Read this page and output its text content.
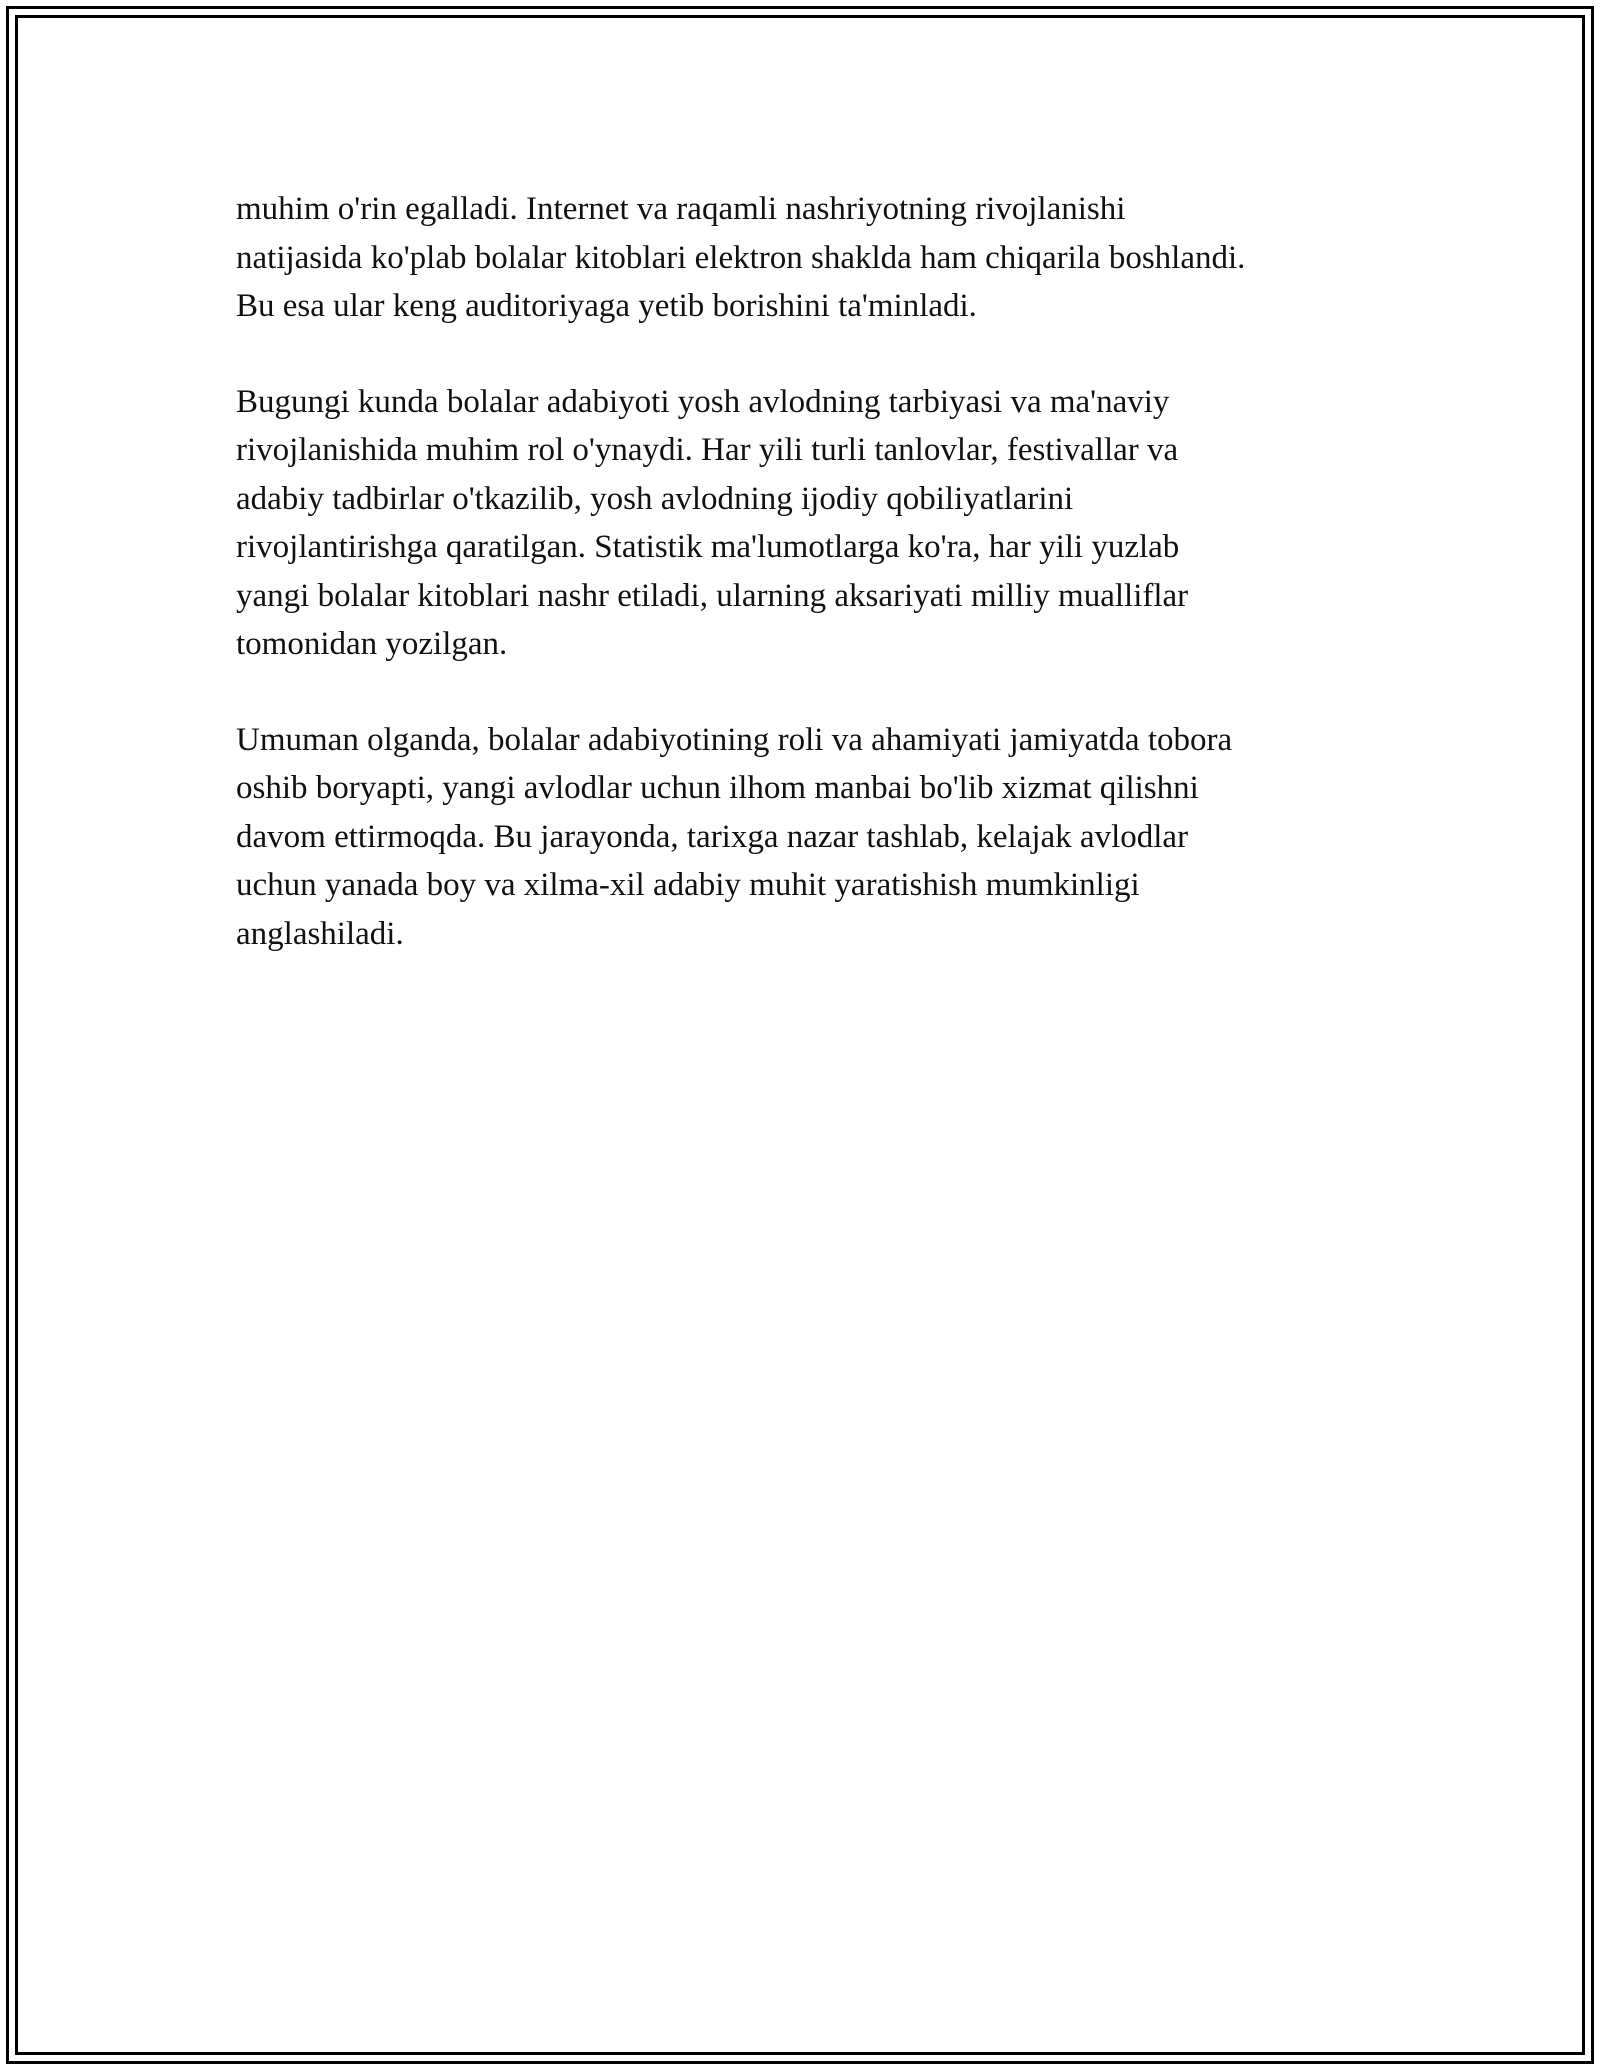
muhim o'rin egalladi. Internet va raqamli nashriyotning rivojlanishi
natijasida ko'plab bolalar kitoblari elektron shaklda ham chiqarila boshlandi.
Bu esa ular keng auditoriyaga yetib borishini ta'minladi.

Bugungi kunda bolalar adabiyoti yosh avlodning tarbiyasi va ma'naviy
rivojlanishida muhim rol o'ynaydi. Har yili turli tanlovlar, festivallar va
adabiy tadbirlar o'tkazilib, yosh avlodning ijodiy qobiliyatlarini
rivojlantirishga qaratilgan. Statistik ma'lumotlarga ko'ra, har yili yuzlab
yangi bolalar kitoblari nashr etiladi, ularning aksariyati milliy mualliflar
tomonidan yozilgan.

Umuman olganda, bolalar adabiyotining roli va ahamiyati jamiyatda tobora
oshib boryapti, yangi avlodlar uchun ilhom manbai bo'lib xizmat qilishni
davom ettirmoqda. Bu jarayonda, tarixga nazar tashlab, kelajak avlodlar
uchun yanada boy va xilma-xil adabiy muhit yaratishish mumkinligi
anglashiladi.
